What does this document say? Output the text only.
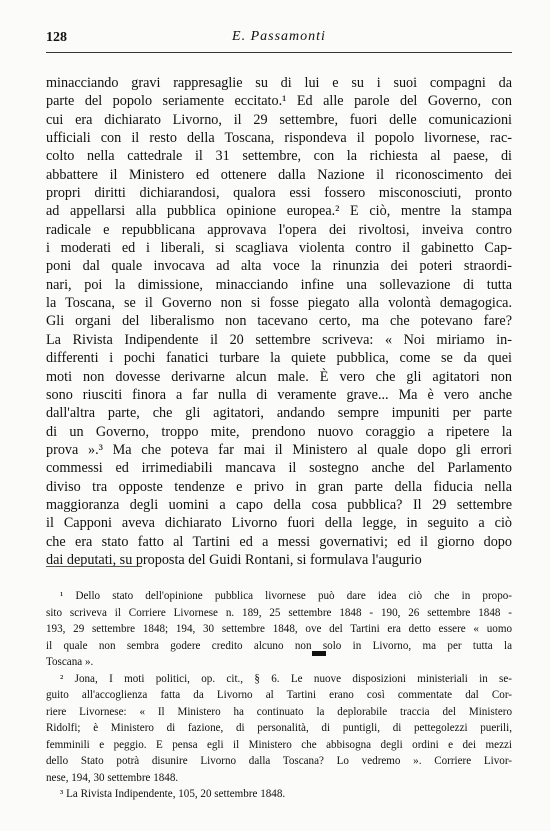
128	E. Passamonti
minacciando gravi rappresaglie su di lui e su i suoi compagni da
parte del popolo seriamente eccitato.¹ Ed alle parole del Governo, con
cui era dichiarato Livorno, il 29 settembre, fuori delle comunicazioni
ufficiali con il resto della Toscana, rispondeva il popolo livornese, rac-
colto nella cattedrale il 31 settembre, con la richiesta al paese, di
abbattere il Ministero ed ottenere dalla Nazione il riconoscimento dei
propri diritti dichiarandosi, qualora essi fossero misconosciuti, pronto
ad appellarsi alla pubblica opinione europea.² E ciò, mentre la stampa
radicale e repubblicana approvava l'opera dei rivoltosi, inveiva contro
i moderati ed i liberali, si scagliava violenta contro il gabinetto Cap-
poni dal quale invocava ad alta voce la rinunzia dei poteri straordi-
nari, poi la dimissione, minacciando infine una sollevazione di tutta
la Toscana, se il Governo non si fosse piegato alla volontà demagogica.
Gli organi del liberalismo non tacevano certo, ma che potevano fare?
La Rivista Indipendente il 20 settembre scriveva: « Noi miriamo in-
differenti i pochi fanatici turbare la quiete pubblica, come se da quei
moti non dovesse derivarne alcun male. È vero che gli agitatori non
sono riusciti finora a far nulla di veramente grave... Ma è vero anche
dall'altra parte, che gli agitatori, andando sempre impuniti per parte
di un Governo, troppo mite, prendono nuovo coraggio a ripetere la
prova ».³ Ma che poteva far mai il Ministero al quale dopo gli errori
commessi ed irrimediabili mancava il sostegno anche del Parlamento
diviso tra opposte tendenze e privo in gran parte della fiducia nella
maggioranza degli uomini a capo della cosa pubblica? Il 29 settembre
il Capponi aveva dichiarato Livorno fuori della legge, in seguito a ciò
che era stato fatto al Tartini ed a messi governativi; ed il giorno dopo
dai deputati, su proposta del Guidi Rontani, si formulava l'augurio
¹ Dello stato dell'opinione pubblica livornese può dare idea ciò che in propo-
sito scriveva il Corriere Livornese n. 189, 25 settembre 1848 - 190, 26 settembre 1848 -
193, 29 settembre 1848; 194, 30 settembre 1848, ove del Tartini era detto essere « uomo
il quale non sembra godere credito alcuno non solo in Livorno, ma per tutta la
Toscana ».
² Jona, I moti politici, op. cit., § 6. Le nuove disposizioni ministeriali in se-
guito all'accoglienza fatta da Livorno al Tartini erano così commentate dal Cor-
riere Livornese: « Il Ministero ha continuato la deplorabile traccia del Ministero
Ridolfi; è Ministero di fazione, di personalità, di puntigli, di pettegolezzi puerili,
femminili e peggio. E pensa egli il Ministero che abbisogna degli ordini e dei mezzi
dello Stato potrà disunire Livorno dalla Toscana? Lo vedremo ». Corriere Livor-
nese, 194, 30 settembre 1848.
³ La Rivista Indipendente, 105, 20 settembre 1848.
